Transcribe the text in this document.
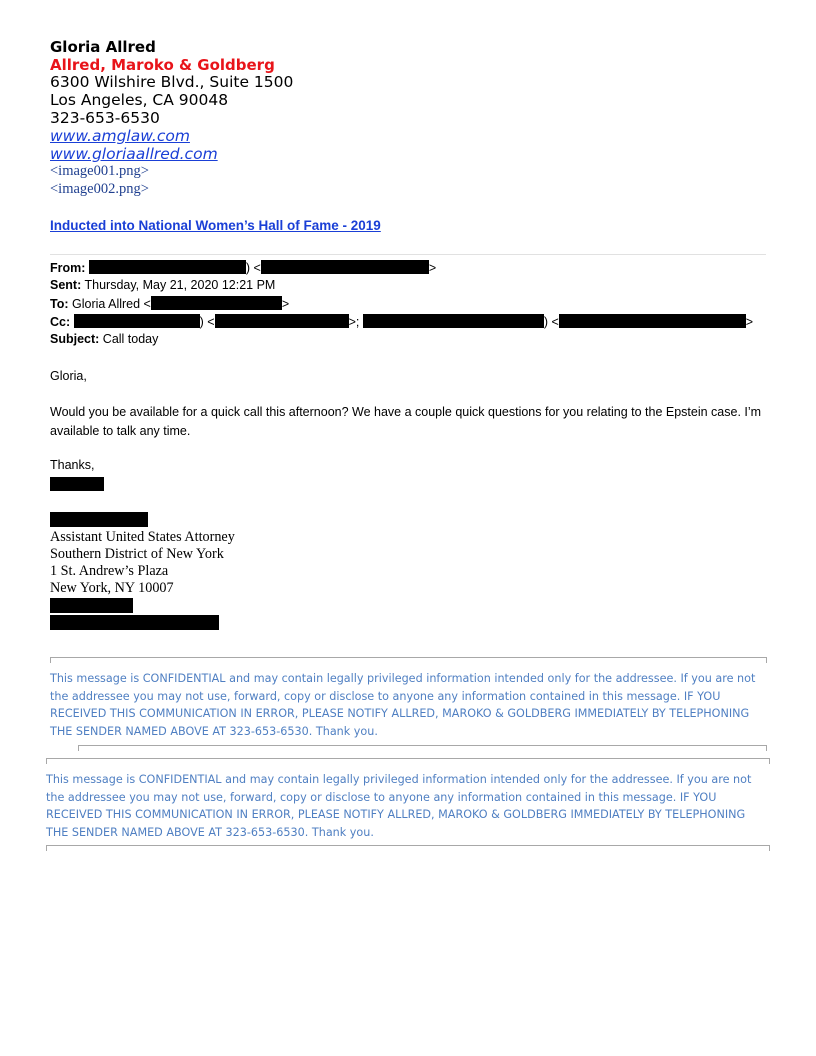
Gloria Allred
Allred, Maroko & Goldberg
6300 Wilshire Blvd., Suite 1500
Los Angeles, CA 90048
323-653-6530
www.amglaw.com
www.gloriaallred.com
<image001.png>
<image002.png>
Inducted into National Women’s Hall of Fame - 2019
From:	) <	>
Sent: Thursday, May 21, 2020 12:21 PM
To: Gloria Allred <	>
Cc:	) <	>;	) <	>
Subject: Call today
Gloria,
Would you be available for a quick call this afternoon? We have a couple quick questions for you relating to the Epstein case. I’m available to talk any time.
Thanks,
Assistant United States Attorney
Southern District of New York
1 St. Andrew’s Plaza
New York, NY 10007
This message is CONFIDENTIAL and may contain legally privileged information intended only for the addressee. If you are not the addressee you may not use, forward, copy or disclose to anyone any information contained in this message. IF YOU RECEIVED THIS COMMUNICATION IN ERROR, PLEASE NOTIFY ALLRED, MAROKO & GOLDBERG IMMEDIATELY BY TELEPHONING THE SENDER NAMED ABOVE AT 323-653-6530. Thank you.
This message is CONFIDENTIAL and may contain legally privileged information intended only for the addressee. If you are not the addressee you may not use, forward, copy or disclose to anyone any information contained in this message. IF YOU RECEIVED THIS COMMUNICATION IN ERROR, PLEASE NOTIFY ALLRED, MAROKO & GOLDBERG IMMEDIATELY BY TELEPHONING THE SENDER NAMED ABOVE AT 323-653-6530. Thank you.
